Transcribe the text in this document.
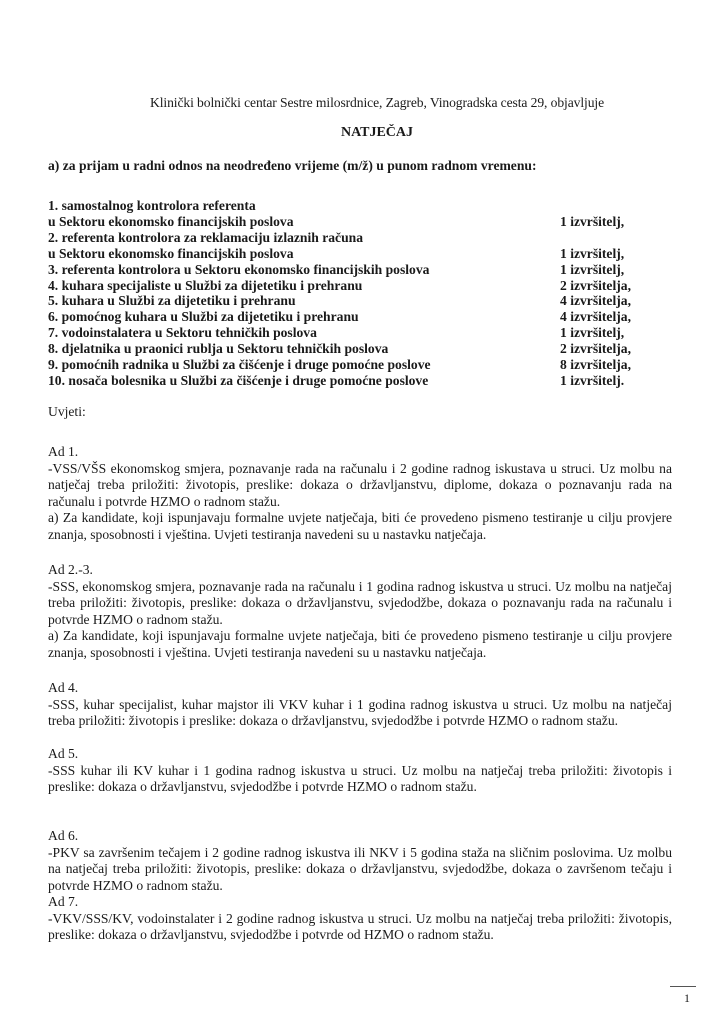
Klinički bolnički centar Sestre milosrdnice, Zagreb, Vinogradska cesta 29, objavljuje
NATJEČAJ
a) za prijam u radni odnos na neodređeno vrijeme (m/ž) u punom radnom vremenu:
1. samostalnog kontrolora referenta
u Sektoru ekonomsko financijskih poslova	1 izvršitelj,
2. referenta kontrolora za reklamaciju izlaznih računa
u Sektoru ekonomsko financijskih poslova	1 izvršitelj,
3. referenta kontrolora u Sektoru ekonomsko financijskih poslova	1 izvršitelj,
4. kuhara specijaliste u Službi za dijetetiku i prehranu	2 izvršitelja,
5. kuhara u Službi za dijetetiku i prehranu	4 izvršitelja,
6. pomoćnog kuhara u Službi za dijetetiku i prehranu	4 izvršitelja,
7. vodoinstalatera u Sektoru tehničkih poslova	1 izvršitelj,
8. djelatnika u praonici rublja u Sektoru tehničkih poslova	2 izvršitelja,
9. pomoćnih radnika u Službi za čišćenje i druge pomoćne poslove	8 izvršitelja,
10. nosača bolesnika u Službi za čišćenje i druge pomoćne poslove	1 izvršitelj.
Uvjeti:
Ad 1.

-VSS/VŠS ekonomskog smjera, poznavanje rada na računalu i 2 godine radnog iskustava u struci. Uz molbu na natječaj treba priložiti: životopis, preslike: dokaza o državljanstvu, diplome, dokaza o poznavanju rada na računalu i potvrde HZMO o radnom stažu.

a) Za kandidate, koji ispunjavaju formalne uvjete natječaja, biti će provedeno pismeno testiranje u cilju provjere znanja, sposobnosti i vještina. Uvjeti testiranja navedeni su u nastavku natječaja.

Ad 2.-3.

-SSS, ekonomskog smjera, poznavanje rada na računalu i 1 godina radnog iskustva u struci. Uz molbu na natječaj treba priložiti: životopis, preslike: dokaza o državljanstvu, svjedodžbe, dokaza o poznavanju rada na računalu i potvrde HZMO o radnom stažu.

a) Za kandidate, koji ispunjavaju formalne uvjete natječaja, biti će provedeno pismeno testiranje u cilju provjere znanja, sposobnosti i vještina. Uvjeti testiranja navedeni su u nastavku natječaja.

Ad 4.

-SSS, kuhar specijalist, kuhar majstor ili VKV kuhar i 1 godina radnog iskustva u struci. Uz molbu na natječaj treba priložiti: životopis i preslike: dokaza o državljanstvu, svjedodžbe i potvrde HZMO o radnom stažu.

Ad 5.

-SSS kuhar ili KV kuhar i 1 godina radnog iskustva u struci. Uz molbu na natječaj treba priložiti: životopis i preslike: dokaza o državljanstvu, svjedodžbe i potvrde HZMO o radnom stažu.

Ad 6.

-PKV sa završenim tečajem i 2 godine radnog iskustva ili NKV i 5 godina staža na sličnim poslovima. Uz molbu na natječaj treba priložiti: životopis, preslike: dokaza o državljanstvu, svjedodžbe, dokaza o završenom tečaju i potvrde HZMO o radnom stažu.

Ad 7.

-VKV/SSS/KV, vodoinstalater i 2 godine radnog iskustva u struci. Uz molbu na natječaj treba priložiti: životopis, preslike: dokaza o državljanstvu, svjedodžbe i potvrde od HZMO o radnom stažu.

1
